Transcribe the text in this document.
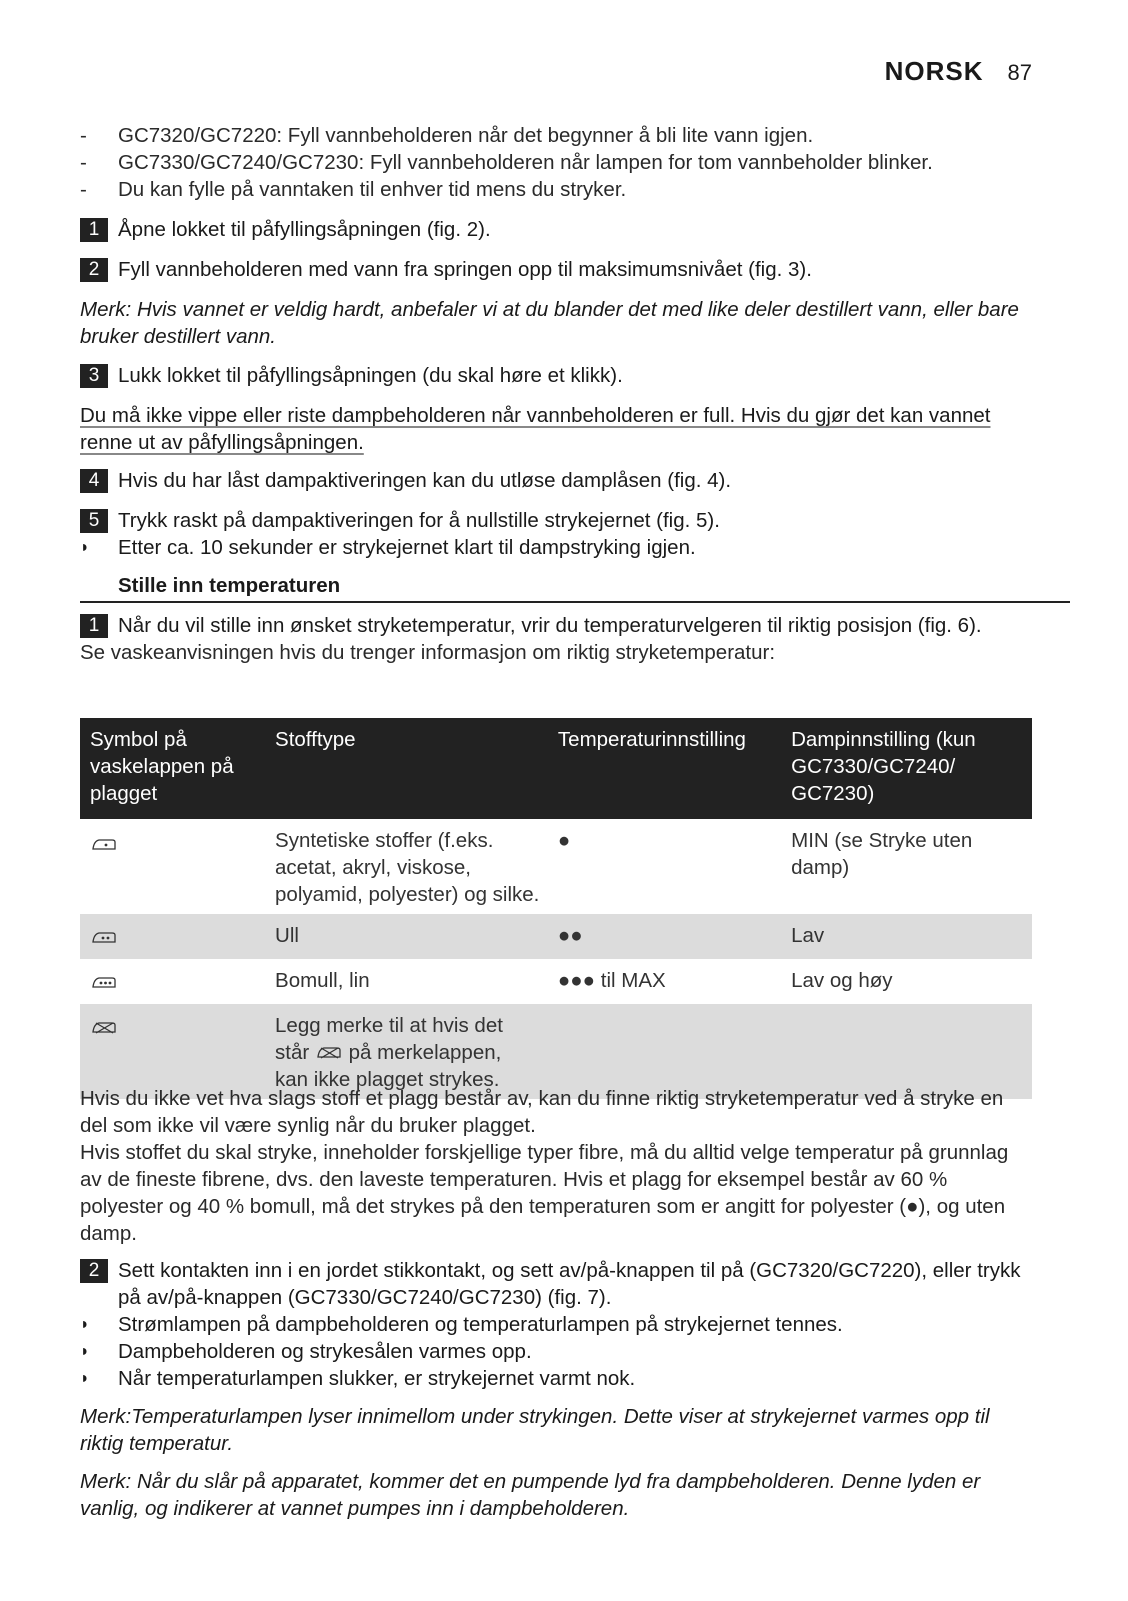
NORSK 87
-	GC7320/GC7220: Fyll vannbeholderen når det begynner å bli lite vann igjen.
-	GC7330/GC7240/GC7230: Fyll vannbeholderen når lampen for tom vannbeholder blinker.
-	Du kan fylle på vanntaken til enhver tid mens du stryker.
1 Åpne lokket til påfyllingsåpningen (fig. 2).
2 Fyll vannbeholderen med vann fra springen opp til maksimumsnivået (fig. 3).
Merk: Hvis vannet er veldig hardt, anbefaler vi at du blander det med like deler destillert vann, eller bare bruker destillert vann.
3 Lukk lokket til påfyllingsåpningen (du skal høre et klikk).
Du må ikke vippe eller riste dampbeholderen når vannbeholderen er full. Hvis du gjør det kan vannet renne ut av påfyllingsåpningen.
4 Hvis du har låst dampaktiveringen kan du utløse damplåsen (fig. 4).
5 Trykk raskt på dampaktiveringen for å nullstille strykejernet (fig. 5).
◗	Etter ca. 10 sekunder er strykejernet klart til dampstryking igjen.
Stille inn temperaturen
1 Når du vil stille inn ønsket stryketemperatur, vrir du temperaturvelgeren til riktig posisjon (fig. 6).
Se vaskeanvisningen hvis du trenger informasjon om riktig stryketemperatur:
Symbol på vaskelappen på plagget	Stofftype	Temperaturinnstilling	Dampinnstilling (kun GC7330/GC7240/ GC7230)
	Syntetiske stoffer (f.eks. acetat, akryl, viskose, polyamid, polyester) og silke.	●	MIN (se Stryke uten damp)
	Ull	●●	Lav
	Bomull, lin	●●● til MAX	Lav og høy
	Legg merke til at hvis det står på merkelappen, kan ikke plagget strykes.		
Hvis du ikke vet hva slags stoff et plagg består av, kan du finne riktig stryketemperatur ved å stryke en del som ikke vil være synlig når du bruker plagget.
Hvis stoffet du skal stryke, inneholder forskjellige typer fibre, må du alltid velge temperatur på grunnlag av de fineste fibrene, dvs. den laveste temperaturen. Hvis et plagg for eksempel består av 60 % polyester og 40 % bomull, må det strykes på den temperaturen som er angitt for polyester (●), og uten damp.
2 Sett kontakten inn i en jordet stikkontakt, og sett av/på-knappen til på (GC7320/GC7220), eller trykk på av/på-knappen (GC7330/GC7240/GC7230) (fig. 7).
◗	Strømlampen på dampbeholderen og temperaturlampen på strykejernet tennes.
◗	Dampbeholderen og strykesålen varmes opp.
◗	Når temperaturlampen slukker, er strykejernet varmt nok.
Merk:Temperaturlampen lyser innimellom under strykingen. Dette viser at strykejernet varmes opp til riktig temperatur.
Merk: Når du slår på apparatet, kommer det en pumpende lyd fra dampbeholderen. Denne lyden er vanlig, og indikerer at vannet pumpes inn i dampbeholderen.
